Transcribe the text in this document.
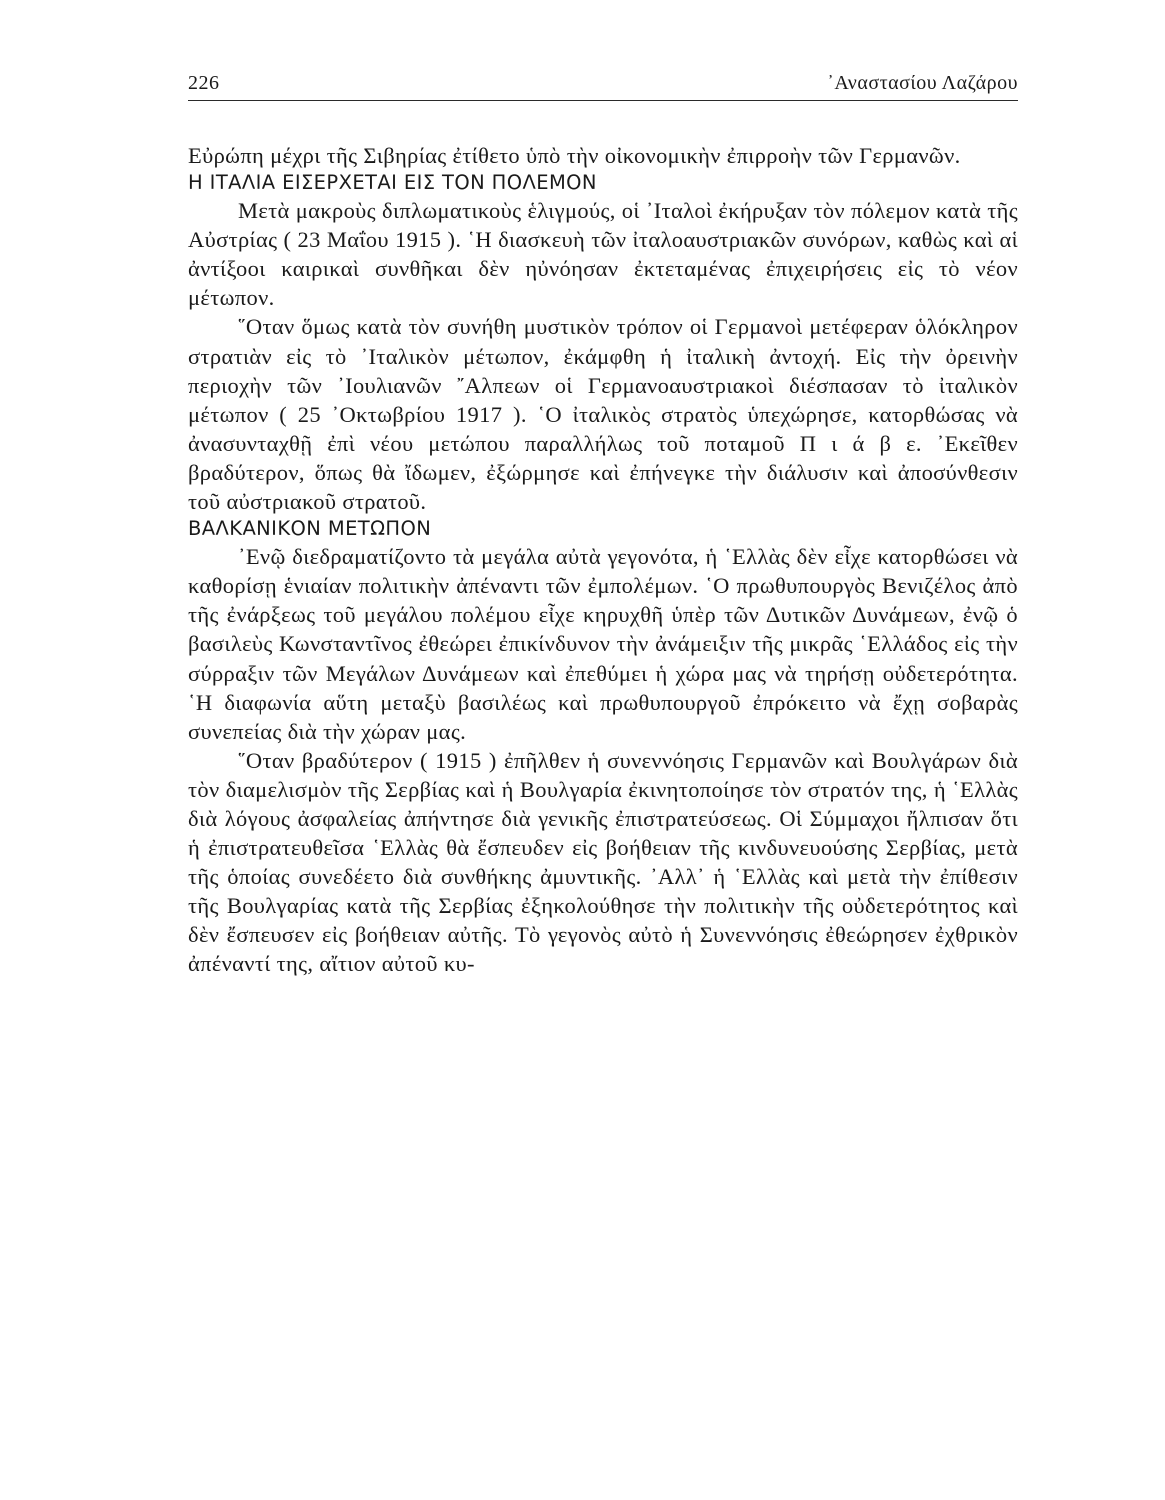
226	᾿Αναστασίου Λαζάρου

Εὐρώπη μέχρι τῆς Σιβηρίας ἐτίθετο ὑπὸ τὴν οἰκονομικὴν ἐπιρροὴν τῶν Γερμανῶν.

Η ΙΤΑΛΙΑ ΕΙΣΕΡΧΕΤΑΙ ΕΙΣ ΤΟΝ ΠΟΛΕΜΟΝ

Μετὰ μακροὺς διπλωματικοὺς ἑλιγμούς, οἱ ᾿Ιταλοὶ ἐκήρυξαν τὸν πόλεμον κατὰ τῆς Αὐστρίας ( 23 Μαΐου 1915 ). ῾Η διασκευὴ τῶν ἰταλοαυστριακῶν συνόρων, καθὼς καὶ αἱ ἀντίξοοι καιρικαὶ συνθῆκαι δὲν ηὐνόησαν ἐκτεταμένας ἐπιχειρήσεις εἰς τὸ νέον μέτωπον.

῞Οταν ὅμως κατὰ τὸν συνήθη μυστικὸν τρόπον οἱ Γερμανοὶ μετέφεραν ὁλόκληρον στρατιὰν εἰς τὸ ᾿Ιταλικὸν μέτωπον, ἐκάμφθη ἡ ἰταλικὴ ἀντοχή. Εἰς τὴν ὀρεινὴν περιοχὴν τῶν ᾿Ιουλιανῶν ῎Αλπεων οἱ Γερμανοαυστριακοὶ διέσπασαν τὸ ἰταλικὸν μέτωπον ( 25 ᾿Οκτωβρίου 1917 ). ῾Ο ἰταλικὸς στρατὸς ὑπεχώρησε, κατορθώσας νὰ ἀνασυνταχθῇ ἐπὶ νέου μετώπου παραλλήλως τοῦ ποταμοῦ Π ι ά β ε. ᾿Εκεῖθεν βραδύτερον, ὅπως θὰ ἴδωμεν, ἐξώρμησε καὶ ἐπήνεγκε τὴν διάλυσιν καὶ ἀποσύνθεσιν τοῦ αὐστριακοῦ στρατοῦ.

ΒΑΛΚΑΝΙΚΟΝ ΜΕΤΩΠΟΝ

᾿Ενῷ διεδραματίζοντο τὰ μεγάλα αὐτὰ γεγονότα, ἡ ῾Ελλὰς δὲν εἶχε κατορθώσει νὰ καθορίσῃ ἑνιαίαν πολιτικὴν ἀπέναντι τῶν ἐμπολέμων. ῾Ο πρωθυπουργὸς Βενιζέλος ἀπὸ τῆς ἐνάρξεως τοῦ μεγάλου πολέμου εἶχε κηρυχθῆ ὑπὲρ τῶν Δυτικῶν Δυνάμεων, ἐνῷ ὁ βασιλεὺς Κωνσταντῖνος ἐθεώρει ἐπικίνδυνον τὴν ἀνάμειξιν τῆς μικρᾶς ῾Ελλάδος εἰς τὴν σύρραξιν τῶν Μεγάλων Δυνάμεων καὶ ἐπεθύμει ἡ χώρα μας νὰ τηρήσῃ οὐδετερότητα. ῾Η διαφωνία αὕτη μεταξὺ βασιλέως καὶ πρωθυπουργοῦ ἐπρόκειτο νὰ ἔχῃ σοβαρὰς συνεπείας διὰ τὴν χώραν μας.

῞Οταν βραδύτερον ( 1915 ) ἐπῆλθεν ἡ συνεννόησις Γερμανῶν καὶ Βουλγάρων διὰ τὸν διαμελισμὸν τῆς Σερβίας καὶ ἡ Βουλγαρία ἐκινητοποίησε τὸν στρατόν της, ἡ ῾Ελλὰς διὰ λόγους ἀσφαλείας ἀπήντησε διὰ γενικῆς ἐπιστρατεύσεως. Οἱ Σύμμαχοι ἤλπισαν ὅτι ἡ ἐπιστρατευθεῖσα ῾Ελλὰς θὰ ἔσπευδεν εἰς βοήθειαν τῆς κινδυνευούσης Σερβίας, μετὰ τῆς ὁποίας συνεδέετο διὰ συνθήκης ἀμυντικῆς. ᾿Αλλ᾿ ἡ ῾Ελλὰς καὶ μετὰ τὴν ἐπίθεσιν τῆς Βουλγαρίας κατὰ τῆς Σερβίας ἐξηκολούθησε τὴν πολιτικὴν τῆς οὐδετερότητος καὶ δὲν ἔσπευσεν εἰς βοήθειαν αὐτῆς. Τὸ γεγονὸς αὐτὸ ἡ Συνεννόησις ἐθεώρησεν ἐχθρικὸν ἀπέναντί της, αἴτιον αὐτοῦ κυ-
